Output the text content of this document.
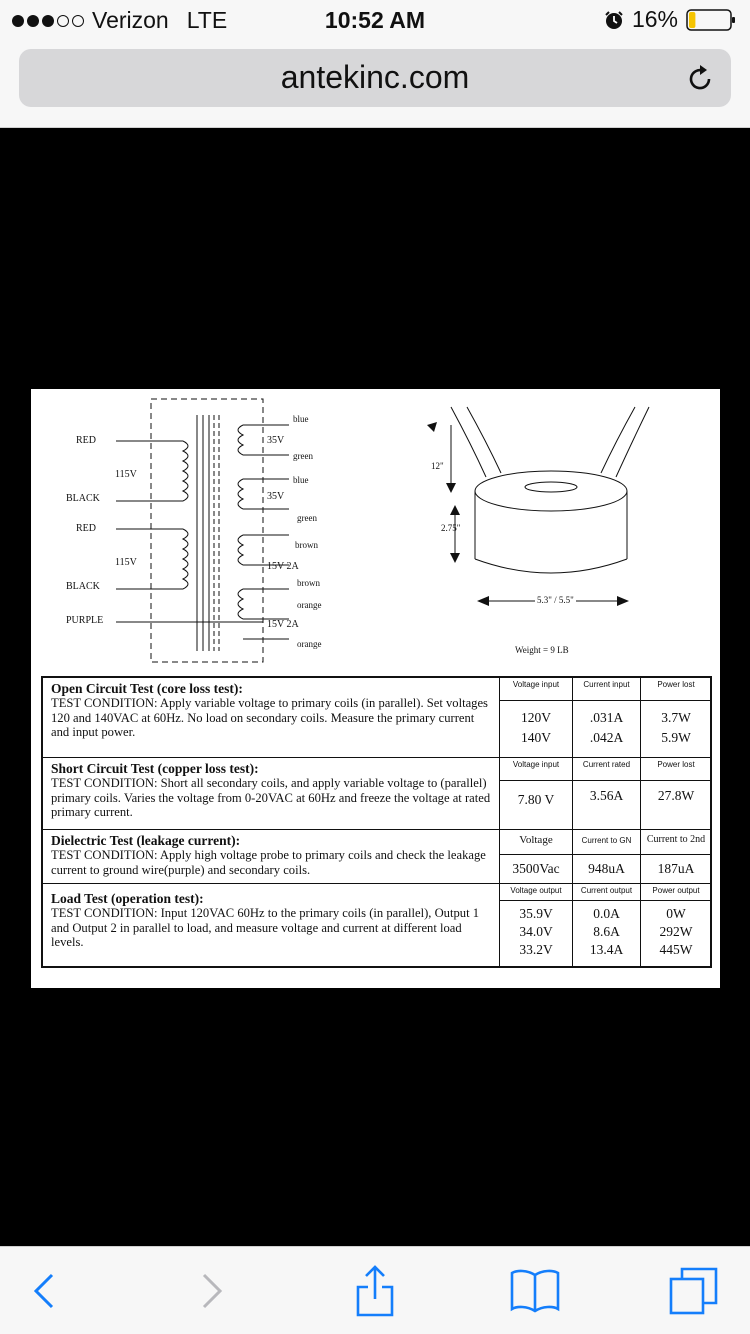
Verizon LTE	10:52 AM	16%
antekinc.com
RED
BLACK
RED
BLACK
PURPLE
115V
115V
35V
35V
15V 2A
15V 2A
blue
green
blue
green
brown
brown
orange
orange
12"
2.75"
5.3" / 5.5"
Weight = 9 LB
Open Circuit Test (core loss test):
TEST CONDITION: Apply variable voltage to primary coils (in parallel). Set voltages 120 and 140VAC at 60Hz. No load on secondary coils. Measure the primary current and input power.
Voltage input
120V
140V
Current input
.031A
.042A
Power lost
3.7W
5.9W
Short Circuit Test (copper loss test):
TEST CONDITION: Short all secondary coils, and apply variable voltage to (parallel) primary coils. Varies the voltage from 0-20VAC at 60Hz and freeze the voltage at rated primary current.
Voltage input
7.80 V
Current rated
3.56A
Power lost
27.8W
Dielectric Test (leakage current):
TEST CONDITION: Apply high voltage probe to primary coils and check the leakage current to ground wire(purple) and secondary coils.
Voltage
3500Vac
Current to GN
948uA
Current to 2nd
187uA
Load Test (operation test):
TEST CONDITION: Input 120VAC 60Hz to the primary coils (in parallel), Output 1 and Output 2 in parallel to load, and measure voltage and current at different load levels.
Voltage output
35.9V
34.0V
33.2V
Current output
0.0A
8.6A
13.4A
Power output
0W
292W
445W
